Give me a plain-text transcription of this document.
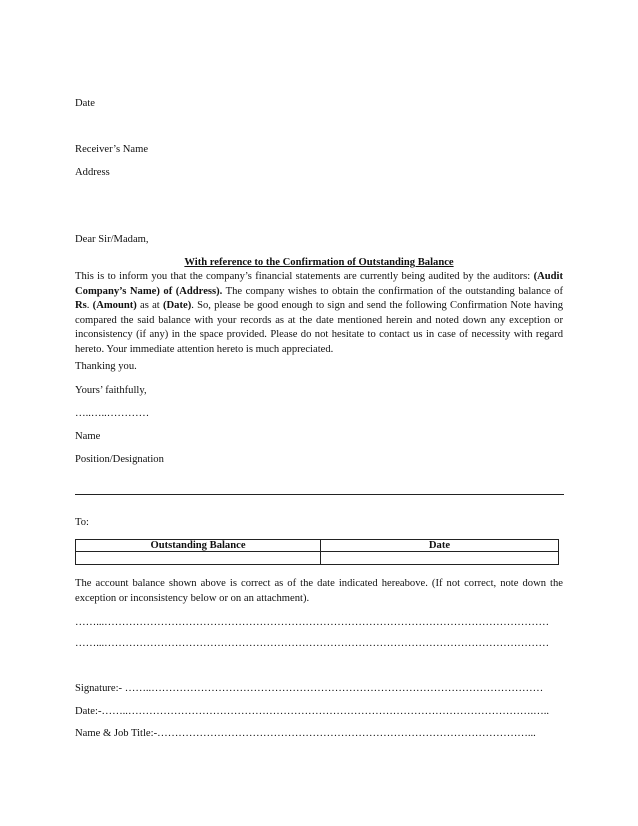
Date
Receiver’s Name
Address
Dear Sir/Madam,
With reference to the Confirmation of Outstanding Balance

This is to inform you that the company’s financial statements are currently being audited by the auditors: (Audit Company’s Name) of (Address). The company wishes to obtain the confirmation of the outstanding balance of Rs. (Amount) as at (Date). So, please be good enough to sign and send the following Confirmation Note having compared the said balance with your records as at the date mentioned herein and noted down any exception or inconsistency (if any) in the space provided. Please do not hesitate to contact us in case of necessity with regard hereto. Your immediate attention hereto is much appreciated.

Thanking you.
Yours’ faithfully,
…..…..…………
Name
Position/Designation
To:
Outstanding Balance	Date

The account balance shown above is correct as of the date indicated hereabove. (If not correct, note down the exception or inconsistency below or on an attachment).
……...………………………………………………………………………………………………………………
……...………………………………………………………………………………………………………………
Signature:- ……..…………………………………………………………………………………………………
Date:-……..…………………………………………………………………………………………………….…..
Name & Job Title:-……………………………………………………………………………………………...
